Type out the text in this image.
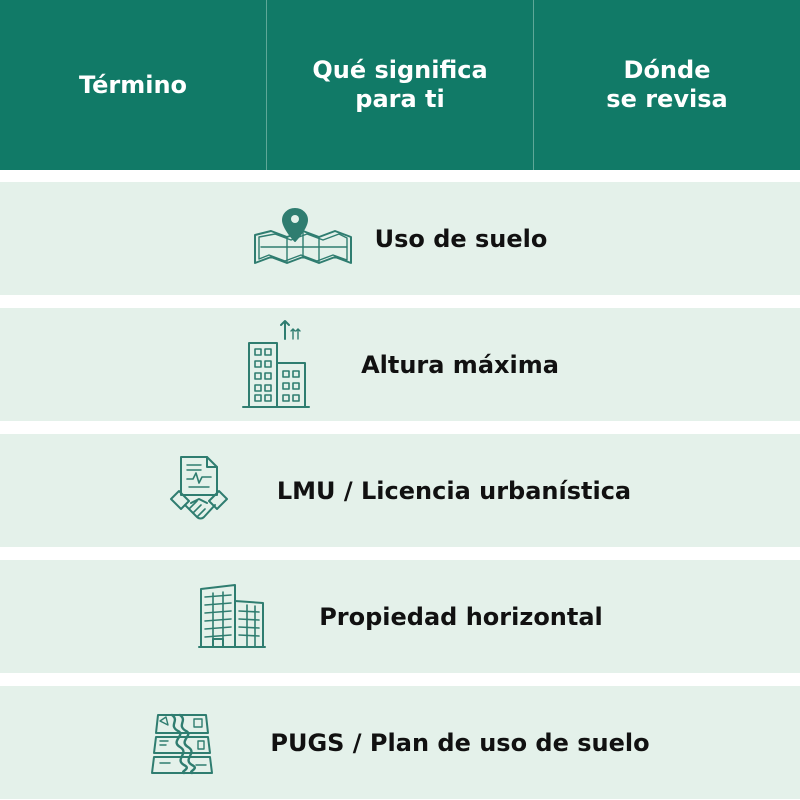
Término
Qué significa
para ti
Dónde
se revisa
Uso de suelo
Altura máxima
LMU / Licencia urbanística
Propiedad horizontal
PUGS / Plan de uso de suelo
